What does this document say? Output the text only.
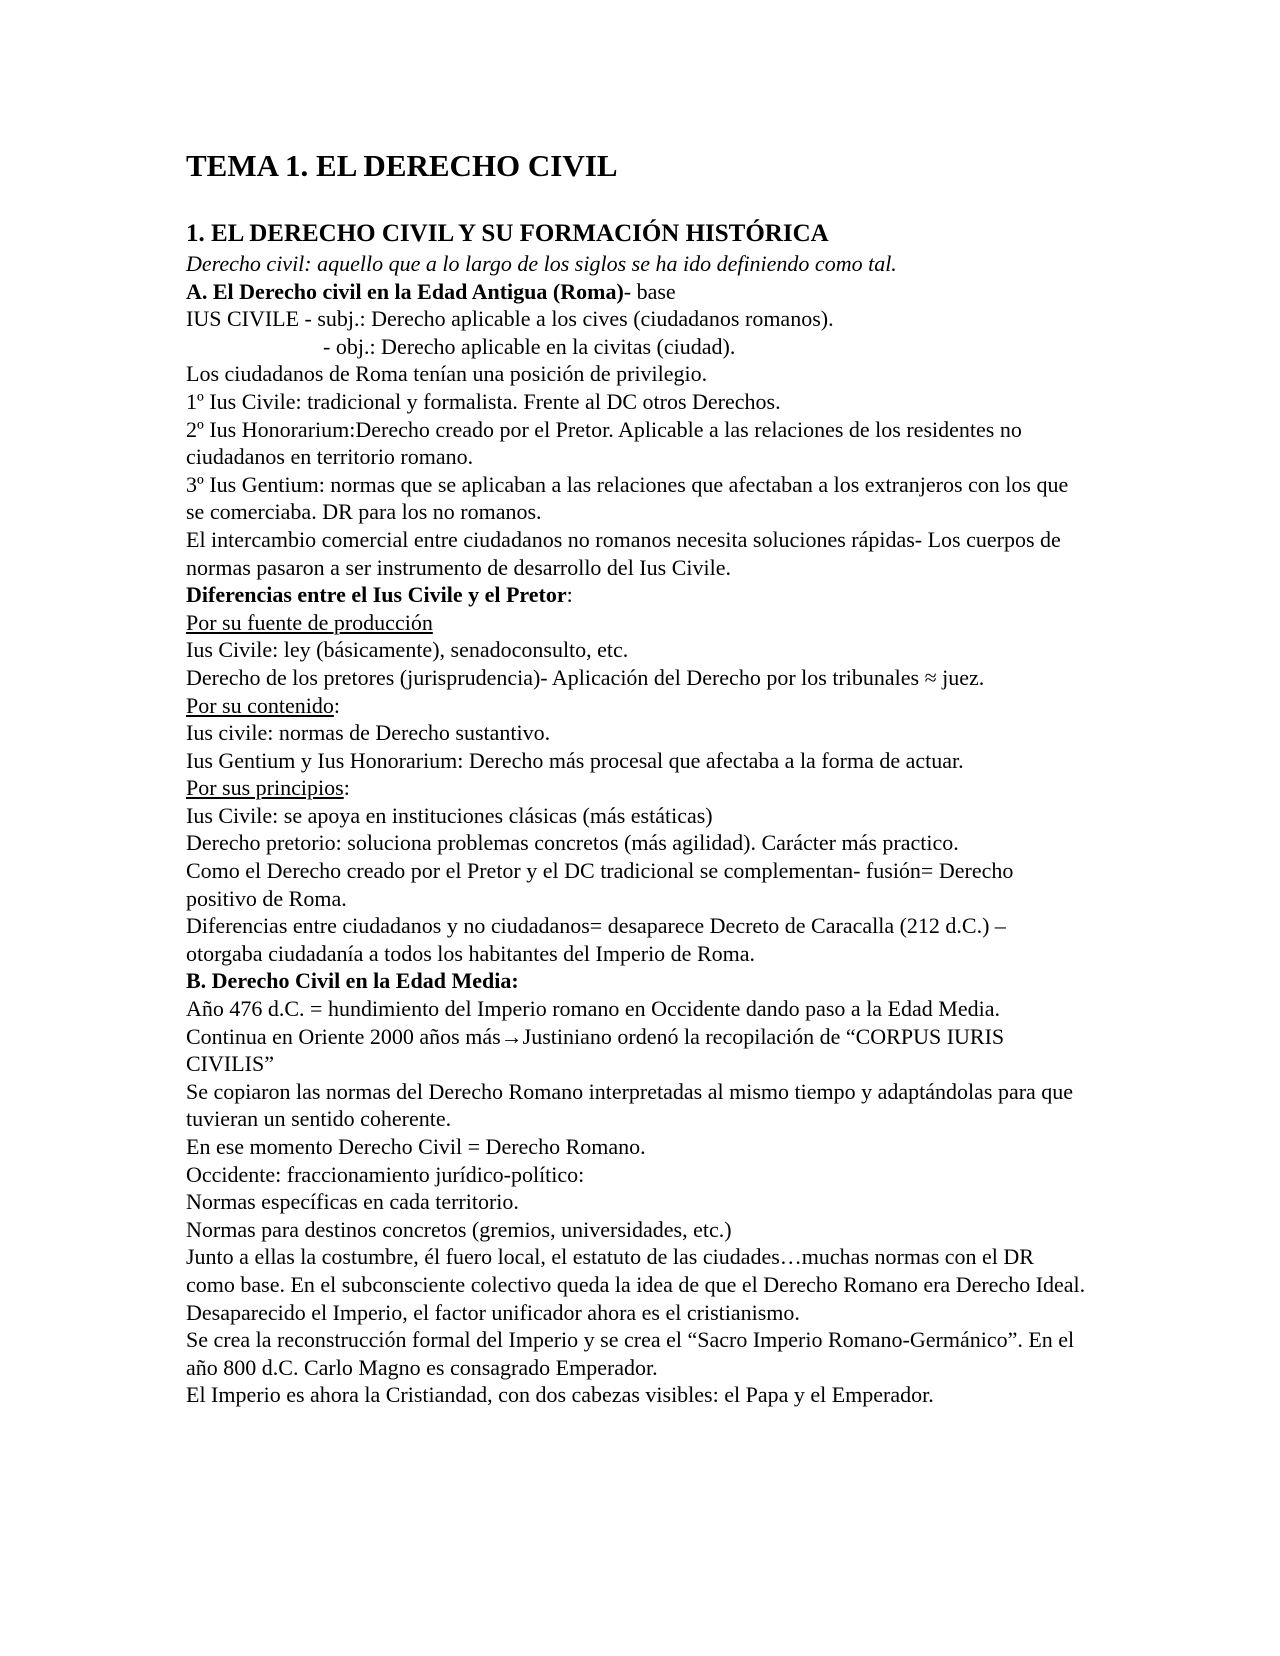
TEMA 1. EL DERECHO CIVIL
1. EL DERECHO CIVIL Y SU FORMACIÓN HISTÓRICA
Derecho civil: aquello que a lo largo de los siglos se ha ido definiendo como tal.
A. El Derecho civil en la Edad Antigua (Roma)- base
IUS CIVILE - subj.: Derecho aplicable a los cives (ciudadanos romanos).
- obj.: Derecho aplicable en la civitas (ciudad).
Los ciudadanos de Roma tenían una posición de privilegio.
1º Ius Civile: tradicional y formalista. Frente al DC otros Derechos.
2º Ius Honorarium:Derecho creado por el Pretor. Aplicable a las relaciones de los residentes no ciudadanos en territorio romano.
3º Ius Gentium: normas que se aplicaban a las relaciones que afectaban a los extranjeros con los que se comerciaba. DR para los no romanos.
El intercambio comercial entre ciudadanos no romanos necesita soluciones rápidas- Los cuerpos de normas pasaron a ser instrumento de desarrollo del Ius Civile.
Diferencias entre el Ius Civile y el Pretor:
Por su fuente de producción
Ius Civile: ley (básicamente), senadoconsulto, etc.
Derecho de los pretores (jurisprudencia)- Aplicación del Derecho por los tribunales ≈ juez.
Por su contenido:
Ius civile: normas de Derecho sustantivo.
Ius Gentium y Ius Honorarium: Derecho más procesal que afectaba a la forma de actuar.
Por sus principios:
Ius Civile: se apoya en instituciones clásicas (más estáticas)
Derecho pretorio: soluciona problemas concretos (más agilidad). Carácter más practico.
Como el Derecho creado por el Pretor y el DC tradicional se complementan- fusión= Derecho positivo de Roma.
Diferencias entre ciudadanos y no ciudadanos= desaparece Decreto de Caracalla (212 d.C.) – otorgaba ciudadanía a todos los habitantes del Imperio de Roma.
B. Derecho Civil en la Edad Media:
Año 476 d.C. = hundimiento del Imperio romano en Occidente dando paso a la Edad Media.
Continua en Oriente 2000 años más→Justiniano ordenó la recopilación de “CORPUS IURIS CIVILIS”
Se copiaron las normas del Derecho Romano interpretadas al mismo tiempo y adaptándolas para que tuvieran un sentido coherente.
En ese momento Derecho Civil = Derecho Romano.
Occidente: fraccionamiento jurídico-político:
Normas específicas en cada territorio.
Normas para destinos concretos (gremios, universidades, etc.)
Junto a ellas la costumbre, él fuero local, el estatuto de las ciudades…muchas normas con el DR como base. En el subconsciente colectivo queda la idea de que el Derecho Romano era Derecho Ideal.
Desaparecido el Imperio, el factor unificador ahora es el cristianismo.
Se crea la reconstrucción formal del Imperio y se crea el “Sacro Imperio Romano-Germánico”. En el año 800 d.C. Carlo Magno es consagrado Emperador.
El Imperio es ahora la Cristiandad, con dos cabezas visibles: el Papa y el Emperador.
